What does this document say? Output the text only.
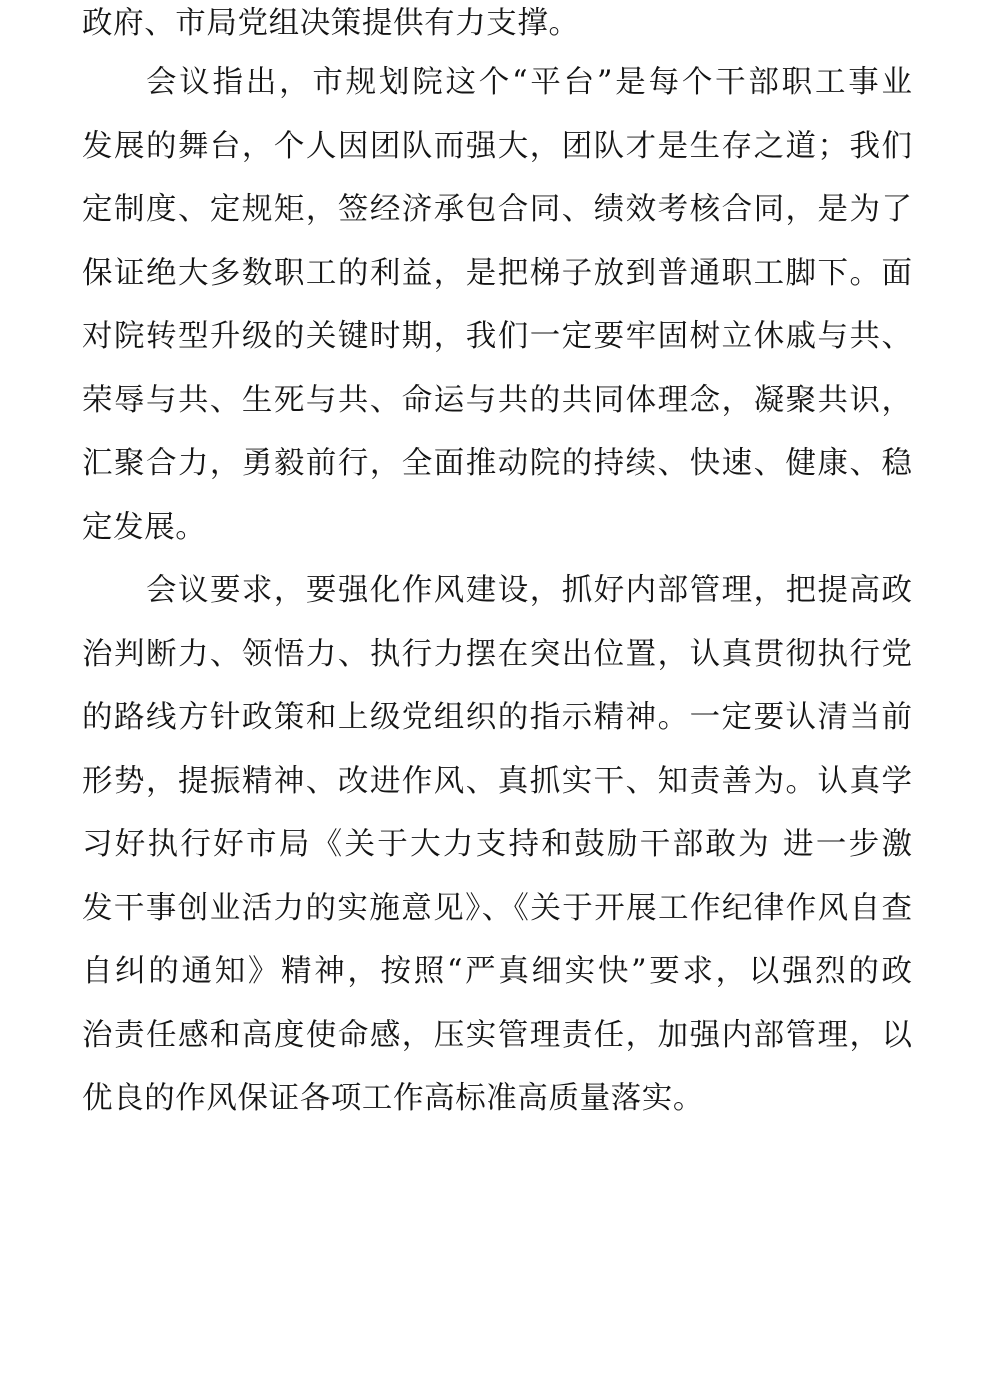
政府、市局党组决策提供有力支撑。
会议指出，市规划院这个“平台”是每个干部职工事业
发展的舞台，个人因团队而强大，团队才是生存之道；我们
定制度、定规矩，签经济承包合同、绩效考核合同，是为了
保证绝大多数职工的利益，是把梯子放到普通职工脚下。面
对院转型升级的关键时期，我们一定要牢固树立休戚与共、
荣辱与共、生死与共、命运与共的共同体理念，凝聚共识，
汇聚合力，勇毅前行，全面推动院的持续、快速、健康、稳
定发展。
会议要求，要强化作风建设，抓好内部管理，把提高政
治判断力、领悟力、执行力摆在突出位置，认真贯彻执行党
的路线方针政策和上级党组织的指示精神。一定要认清当前
形势，提振精神、改进作风、真抓实干、知责善为。认真学
习好执行好市局《关于大力支持和鼓励干部敢为 进一步激
发干事创业活力的实施意见》、《关于开展工作纪律作风自查
自纠的通知》精神，按照“严真细实快”要求，以强烈的政
治责任感和高度使命感，压实管理责任，加强内部管理，以
优良的作风保证各项工作高标准高质量落实。
